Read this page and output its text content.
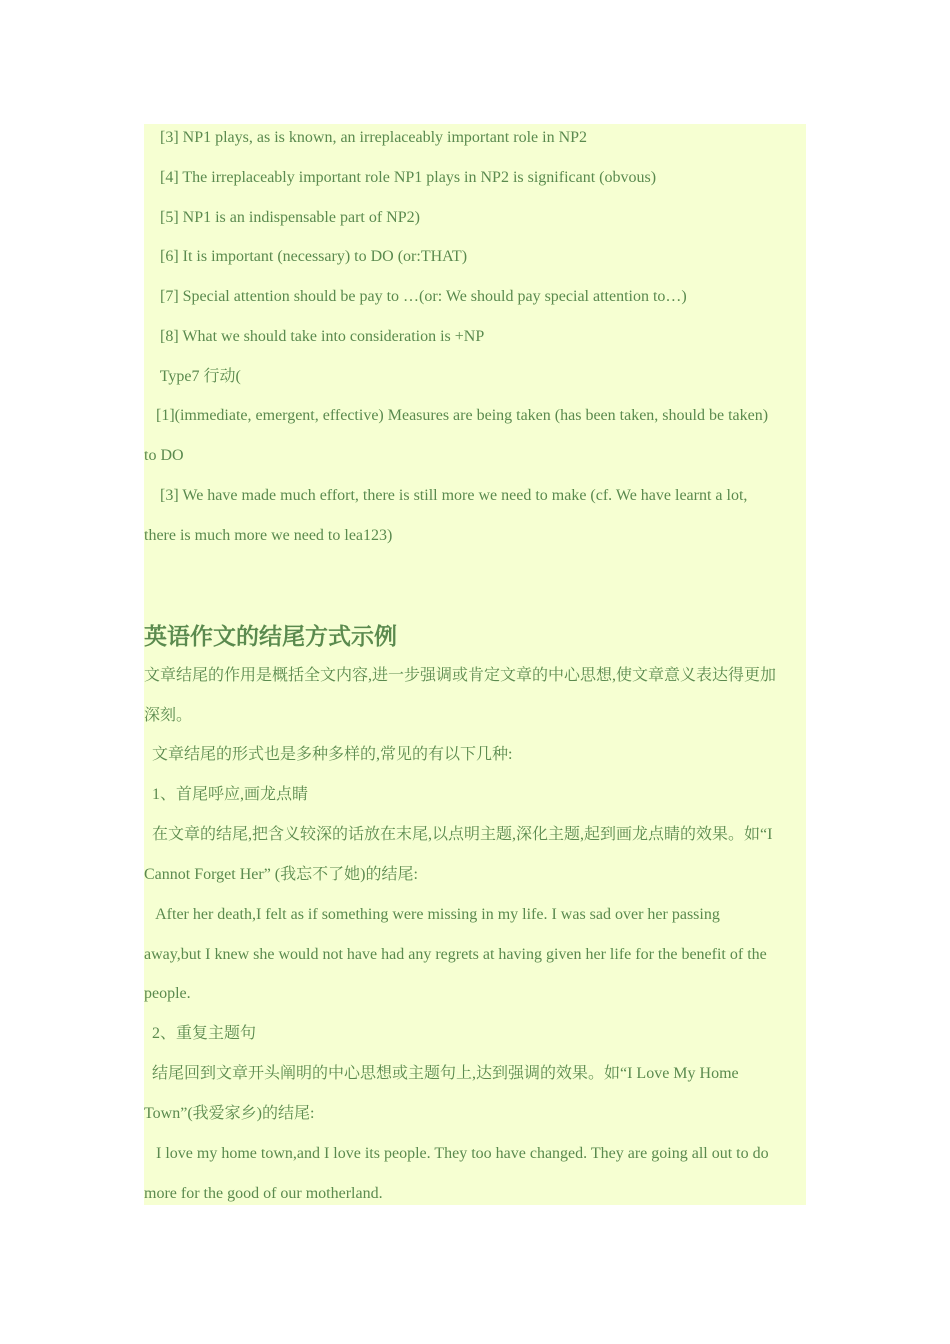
[3] NP1 plays, as is known, an irreplaceably important role in NP2
[4] The irreplaceably important role NP1 plays in NP2 is significant (obvous)
[5] NP1 is an indispensable part of NP2)
[6] It is important (necessary) to DO (or:THAT)
[7] Special attention should be pay to …(or: We should pay special attention to…)
[8] What we should take into consideration is +NP
Type7 行动(
[1](immediate, emergent, effective) Measures are being taken (has been taken, should be taken)
to DO
[3] We have made much effort, there is still more we need to make (cf. We have learnt a lot,
there is much more we need to lea123)
英语作文的结尾方式示例
文章结尾的作用是概括全文内容,进一步强调或肯定文章的中心思想,使文章意义表达得更加
深刻。
文章结尾的形式也是多种多样的,常见的有以下几种:
1、首尾呼应,画龙点睛
在文章的结尾,把含义较深的话放在末尾,以点明主题,深化主题,起到画龙点睛的效果。如“I
Cannot Forget Her” (我忘不了她)的结尾:
After her death,I felt as if something were missing in my life. I was sad over her passing
away,but I knew she would not have had any regrets at having given her life for the benefit of the
people.
2、重复主题句
结尾回到文章开头阐明的中心思想或主题句上,达到强调的效果。如“I Love My Home
Town”(我爱家乡)的结尾:
I love my home town,and I love its people. They too have changed. They are going all out to do
more for the good of our motherland.
